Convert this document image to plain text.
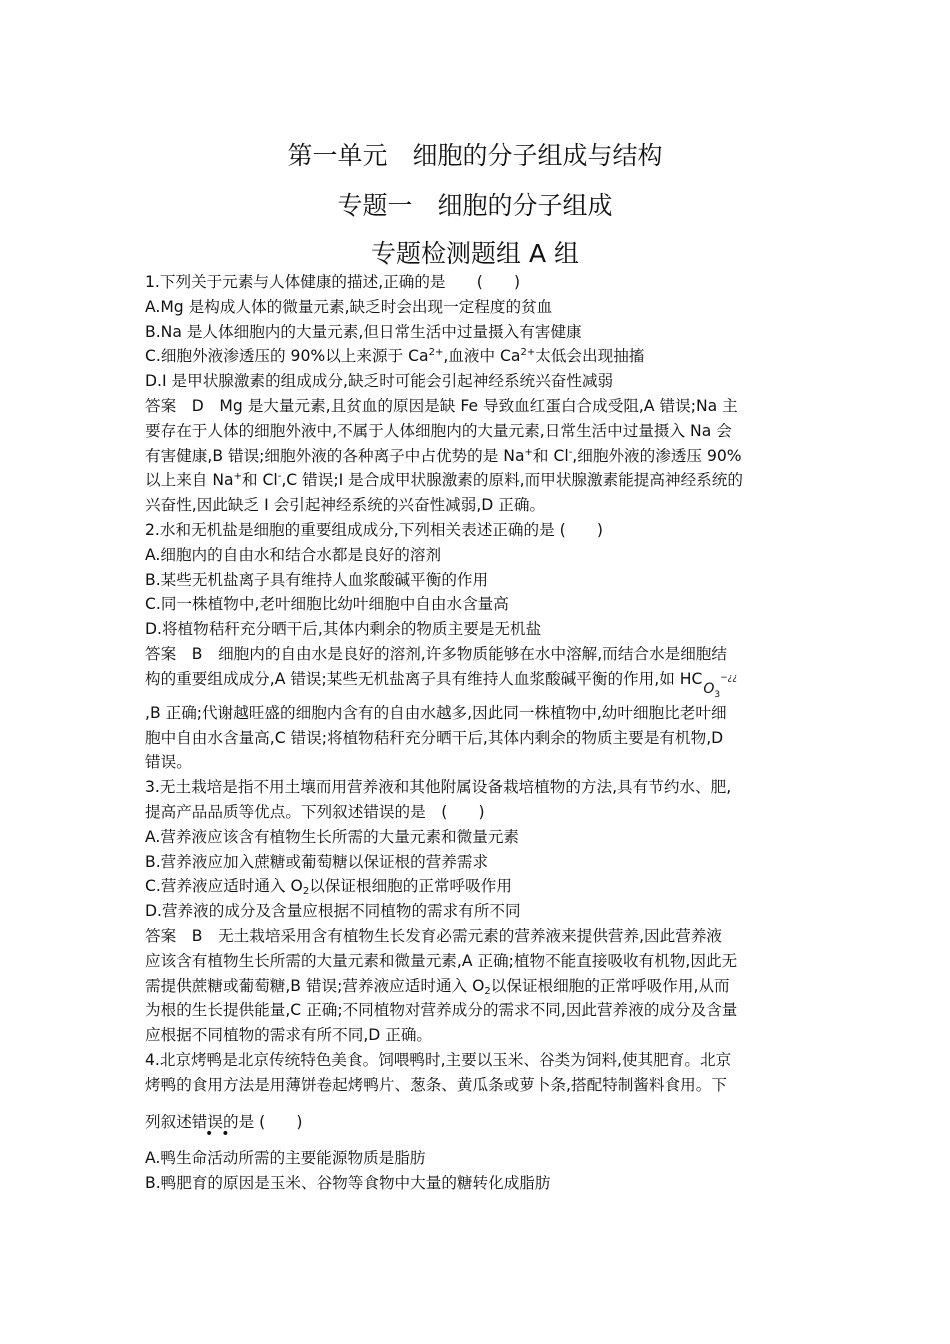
第一单元　细胞的分子组成与结构
专题一　细胞的分子组成
专题检测题组 A 组
1.下列关于元素与人体健康的描述,正确的是　　(　　)
A.Mg 是构成人体的微量元素,缺乏时会出现一定程度的贫血
B.Na 是人体细胞内的大量元素,但日常生活中过量摄入有害健康
C.细胞外液渗透压的 90%以上来源于 $Ca^{2+}$,血液中 $Ca^{2+}$太低会出现抽搐
D.I 是甲状腺激素的组成成分,缺乏时可能会引起神经系统兴奋性减弱
答案　D　Mg 是大量元素,且贫血的原因是缺 Fe 导致血红蛋白合成受阻,A 错误;Na 主
要存在于人体的细胞外液中,不属于人体细胞内的大量元素,日常生活中过量摄入 Na 会
有害健康,B 错误;细胞外液的各种离子中占优势的是 Na+和 Cl-,细胞外液的渗透压 90%
以上来自 Na+和 Cl-,C 错误;I 是合成甲状腺激素的原料,而甲状腺激素能提高神经系统的
兴奋性,因此缺乏 I 会引起神经系统的兴奋性减弱,D 正确。
2.水和无机盐是细胞的重要组成成分,下列相关表述正确的是 (　　)
A.细胞内的自由水和结合水都是良好的溶剂
B.某些无机盐离子具有维持人血浆酸碱平衡的作用
C.同一株植物中,老叶细胞比幼叶细胞中自由水含量高
D.将植物秸秆充分晒干后,其体内剩余的物质主要是无机盐
答案　B　细胞内的自由水是良好的溶剂,许多物质能够在水中溶解,而结合水是细胞结
构的重要组成成分,A 错误;某些无机盐离子具有维持人血浆酸碱平衡的作用,如 $HCO_3^{-¿¿}$
,B 正确;代谢越旺盛的细胞内含有的自由水越多,因此同一株植物中,幼叶细胞比老叶细
胞中自由水含量高,C 错误;将植物秸秆充分晒干后,其体内剩余的物质主要是有机物,D
错误。
3.无土栽培是指不用土壤而用营养液和其他附属设备栽培植物的方法,具有节约水、肥,
提高产品品质等优点。下列叙述错误的是　(　　)
A.营养液应该含有植物生长所需的大量元素和微量元素
B.营养液应加入蔗糖或葡萄糖以保证根的营养需求
C.营养液应适时通入 $O_2$以保证根细胞的正常呼吸作用
D.营养液的成分及含量应根据不同植物的需求有所不同
答案　B　无土栽培采用含有植物生长发育必需元素的营养液来提供营养,因此营养液
应该含有植物生长所需的大量元素和微量元素,A 正确;植物不能直接吸收有机物,因此无
需提供蔗糖或葡萄糖,B 错误;营养液应适时通入 $O_2$以保证根细胞的正常呼吸作用,从而
为根的生长提供能量,C 正确;不同植物对营养成分的需求不同,因此营养液的成分及含量
应根据不同植物的需求有所不同,D 正确。
4.北京烤鸭是北京传统特色美食。饲喂鸭时,主要以玉米、谷类为饲料,使其肥育。北京
烤鸭的食用方法是用薄饼卷起烤鸭片、葱条、黄瓜条或萝卜条,搭配特制酱料食用。下
列叙述错误的是 (　　)
A.鸭生命活动所需的主要能源物质是脂肪
B.鸭肥育的原因是玉米、谷物等食物中大量的糖转化成脂肪
••
